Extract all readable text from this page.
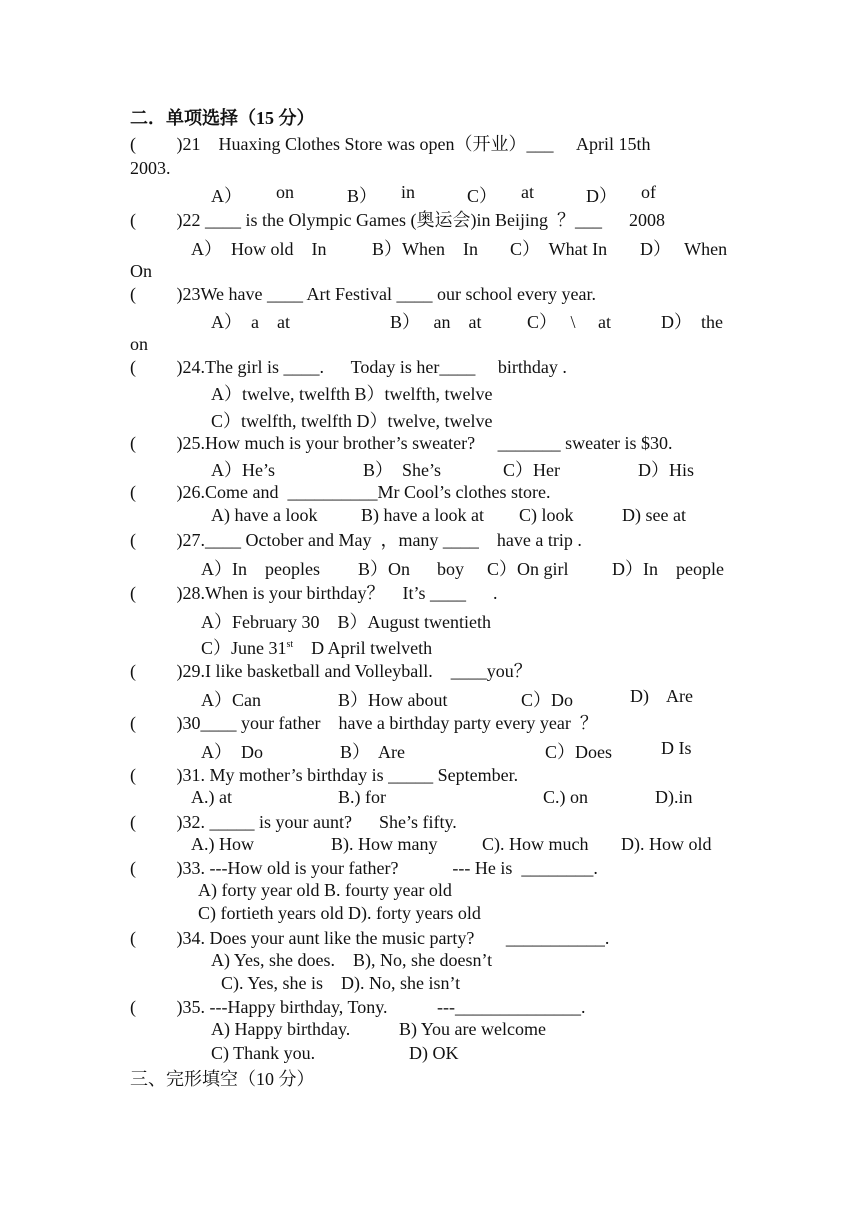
二．单项选择（15 分）
(         )21    Huaxing Clothes Store was open（开业）___     April 15th
2003.
A） on	B） in	C） at	D） of
(         )22 ____ is the Olympic Games (奥运会)in Beijing  ？___      2008
A）  How old    In	B）When    In C）  What In D）   When
On
(         )23We have ____ Art Festival ____ our school every year.
A）  a    at	B）   an    at	C）   \     at	D）  the
on
(         )24.The girl is ____.      Today is her____     birthday .
A）twelve, twelfth B）twelfth, twelve
C）twelfth, twelfth D）twelve, twelve
(         )25.How much is your brother’s sweater?     _______ sweater is $30.
A）He’s	B）  She’s	C）Her	D）His
(         )26.Come and  __________Mr Cool’s clothes store.
A) have a look B) have a look at C) look	D) see at
(         )27.____ October and May  ，many ____    have a trip .
A）In    peoples B）On      boy C）On girl D）In    people
(         )28.When is your birthday？    It’s ____      .
A）February 30    B）August twentieth
C）June 31st    D April twelveth
(         )29.I like basketball and Volleyball.    ____you？
A）Can	B）How about	C）Do	D)    Are
(         )30____ your father    have a birthday party every year  ？
A）  Do	B）  Are	C）Does	D Is
(         )31. My mother’s birthday is _____ September.
A.) at	B.) for	C.) on	D).in
(         )32. _____ is your aunt?      She’s fifty.
A.) How	B). How many C). How much D). How old
(         )33. ---How old is your father?            --- He is  ________.
A) forty year old B. fourty year old
C) fortieth years old D). forty years old
(         )34. Does your aunt like the music party?       ___________.
A) Yes, she does.    B), No, she doesn’t
C). Yes, she is    D). No, she isn’t
(         )35. ---Happy birthday, Tony.           ---______________.
A) Happy birthday.	B) You are welcome
C) Thank you.	D) OK
三、完形填空（10 分）
